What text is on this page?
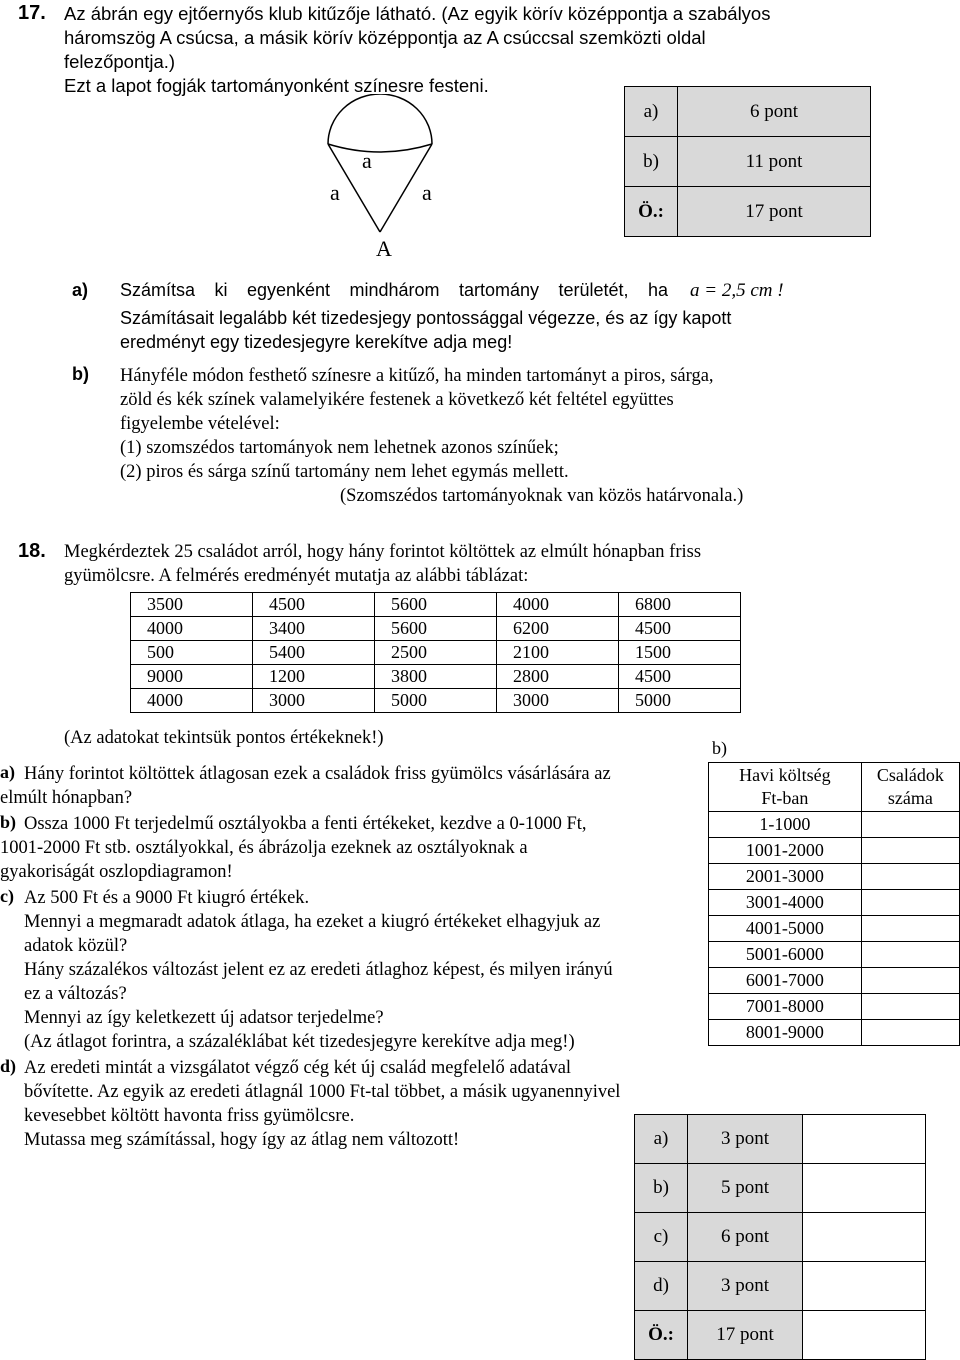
17. Az ábrán egy ejtőernyős klub kitűzője látható. (Az egyik körív középpontja a szabályos
háromszög A csúcsa, a másik körív középpontja az A csúccsal szemközti oldal
felezőpontja.)
Ezt a lapot fogják tartományonként színesre festeni.
a
a	a
A
a)	6 pont
b)	11 pont
Ö.:	17 pont
a) Számítsa ki egyenként mindhárom tartomány területét, ha a = 2,5 cm !
Számításait legalább két tizedesjegy pontossággal végezze, és az így kapott
eredményt egy tizedesjegyre kerekítve adja meg!
b) Hányféle módon festhető színesre a kitűző, ha minden tartományt a piros, sárga,
zöld és kék színek valamelyikére festenek a következő két feltétel együttes
figyelembe vételével:
(1) szomszédos tartományok nem lehetnek azonos színűek;
(2) piros és sárga színű tartomány nem lehet egymás mellett.
(Szomszédos tartományoknak van közös határvonala.)
18. Megkérdeztek 25 családot arról, hogy hány forintot költöttek az elmúlt hónapban friss
gyümölcsre. A felmérés eredményét mutatja az alábbi táblázat:
3500	4500	5600	4000	6800
4000	3400	5600	6200	4500
500	5400	2500	2100	1500
9000	1200	3800	2800	4500
4000	3000	5000	3000	5000
(Az adatokat tekintsük pontos értékeknek!)	b)
Havi költség
Ft-ban	Családok
száma
1-1000	
1001-2000	
2001-3000	
3001-4000	
4001-5000	
5001-6000	
6001-7000	
7001-8000	
8001-9000	
a) Hány forintot költöttek átlagosan ezek a családok friss gyümölcs vásárlására az
elmúlt hónapban?
b) Ossza 1000 Ft terjedelmű osztályokba a fenti értékeket, kezdve a 0-1000 Ft,
1001-2000 Ft stb. osztályokkal, és ábrázolja ezeknek az osztályoknak a
gyakoriságát oszlopdiagramon!
c) Az 500 Ft és a 9000 Ft kiugró értékek.
Mennyi a megmaradt adatok átlaga, ha ezeket a kiugró értékeket elhagyjuk az
adatok közül?
Hány százalékos változást jelent ez az eredeti átlaghoz képest, és milyen irányú
ez a változás?
Mennyi az így keletkezett új adatsor terjedelme?
(Az átlagot forintra, a százaléklábat két tizedesjegyre kerekítve adja meg!)
d) Az eredeti mintát a vizsgálatot végző cég két új család megfelelő adatával
bővítette. Az egyik az eredeti átlagnál 1000 Ft-tal többet, a másik ugyanennyivel
kevesebbet költött havonta friss gyümölcsre.
Mutassa meg számítással, hogy így az átlag nem változott!	a)	3 pont	
b)	5 pont	
c)	6 pont	
d)	3 pont	
Ö.:	17 pont	
